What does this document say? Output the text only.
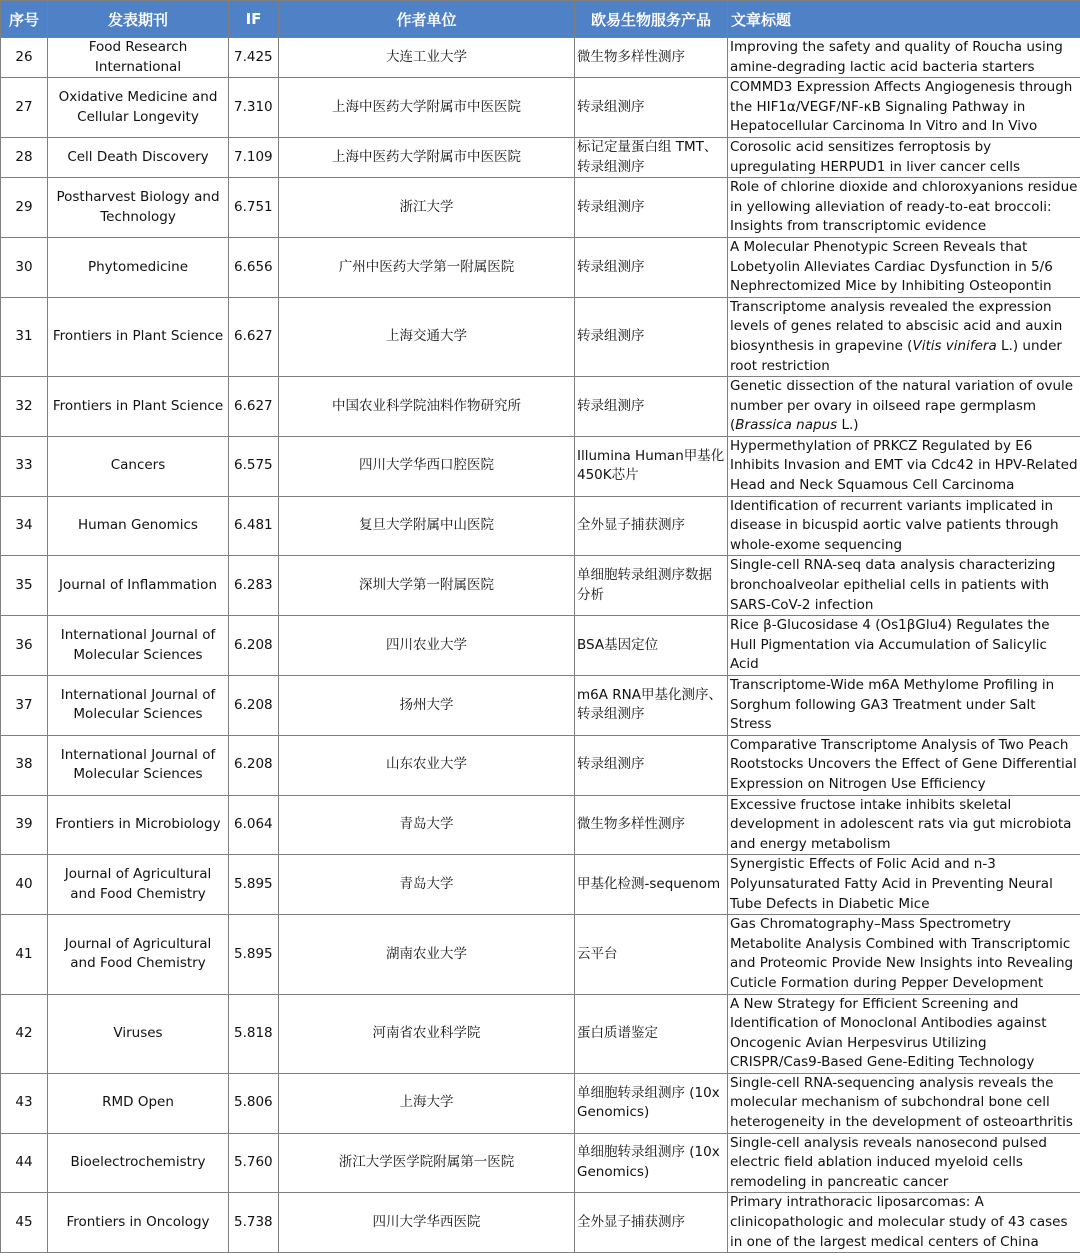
序号	发表期刊	IF	作者单位	欧易生物服务产品	文章标题
26	Food Research International	7.425	大连工业大学	微生物多样性测序	Improving the safety and quality of Roucha using amine-degrading lactic acid bacteria starters
27	Oxidative Medicine and Cellular Longevity	7.310	上海中医药大学附属市中医医院	转录组测序	COMMD3 Expression Affects Angiogenesis through the HIF1α/VEGF/NF-κB Signaling Pathway in Hepatocellular Carcinoma In Vitro and In Vivo
28	Cell Death Discovery	7.109	上海中医药大学附属市中医医院	标记定量蛋白组 TMT、转录组测序	Corosolic acid sensitizes ferroptosis by upregulating HERPUD1 in liver cancer cells
29	Postharvest Biology and Technology	6.751	浙江大学	转录组测序	Role of chlorine dioxide and chloroxyanions residue in yellowing alleviation of ready-to-eat broccoli: Insights from transcriptomic evidence
30	Phytomedicine	6.656	广州中医药大学第一附属医院	转录组测序	A Molecular Phenotypic Screen Reveals that Lobetyolin Alleviates Cardiac Dysfunction in 5/6 Nephrectomized Mice by Inhibiting Osteopontin
31	Frontiers in Plant Science	6.627	上海交通大学	转录组测序	Transcriptome analysis revealed the expression levels of genes related to abscisic acid and auxin biosynthesis in grapevine (Vitis vinifera L.) under root restriction
32	Frontiers in Plant Science	6.627	中国农业科学院油料作物研究所	转录组测序	Genetic dissection of the natural variation of ovule number per ovary in oilseed rape germplasm (Brassica napus L.)
33	Cancers	6.575	四川大学华西口腔医院	Illumina Human甲基化450K芯片	Hypermethylation of PRKCZ Regulated by E6 Inhibits Invasion and EMT via Cdc42 in HPV-Related Head and Neck Squamous Cell Carcinoma
34	Human Genomics	6.481	复旦大学附属中山医院	全外显子捕获测序	Identification of recurrent variants implicated in disease in bicuspid aortic valve patients through whole-exome sequencing
35	Journal of Inflammation	6.283	深圳大学第一附属医院	单细胞转录组测序数据分析	Single-cell RNA-seq data analysis characterizing bronchoalveolar epithelial cells in patients with SARS-CoV-2 infection
36	International Journal of Molecular Sciences	6.208	四川农业大学	BSA基因定位	Rice β-Glucosidase 4 (Os1βGlu4) Regulates the Hull Pigmentation via Accumulation of Salicylic Acid
37	International Journal of Molecular Sciences	6.208	扬州大学	m6A RNA甲基化测序、转录组测序	Transcriptome-Wide m6A Methylome Profiling in Sorghum following GA3 Treatment under Salt Stress
38	International Journal of Molecular Sciences	6.208	山东农业大学	转录组测序	Comparative Transcriptome Analysis of Two Peach Rootstocks Uncovers the Effect of Gene Differential Expression on Nitrogen Use Efficiency
39	Frontiers in Microbiology	6.064	青岛大学	微生物多样性测序	Excessive fructose intake inhibits skeletal development in adolescent rats via gut microbiota and energy metabolism
40	Journal of Agricultural and Food Chemistry	5.895	青岛大学	甲基化检测-sequenom	Synergistic Effects of Folic Acid and n-3 Polyunsaturated Fatty Acid in Preventing Neural Tube Defects in Diabetic Mice
41	Journal of Agricultural and Food Chemistry	5.895	湖南农业大学	云平台	Gas Chromatography–Mass Spectrometry Metabolite Analysis Combined with Transcriptomic and Proteomic Provide New Insights into Revealing Cuticle Formation during Pepper Development
42	Viruses	5.818	河南省农业科学院	蛋白质谱鉴定	A New Strategy for Efficient Screening and Identification of Monoclonal Antibodies against Oncogenic Avian Herpesvirus Utilizing CRISPR/Cas9-Based Gene-Editing Technology
43	RMD Open	5.806	上海大学	单细胞转录组测序 (10x Genomics)	Single-cell RNA-sequencing analysis reveals the molecular mechanism of subchondral bone cell heterogeneity in the development of osteoarthritis
44	Bioelectrochemistry	5.760	浙江大学医学院附属第一医院	单细胞转录组测序 (10x Genomics)	Single-cell analysis reveals nanosecond pulsed electric field ablation induced myeloid cells remodeling in pancreatic cancer
45	Frontiers in Oncology	5.738	四川大学华西医院	全外显子捕获测序	Primary intrathoracic liposarcomas: A clinicopathologic and molecular study of 43 cases in one of the largest medical centers of China
